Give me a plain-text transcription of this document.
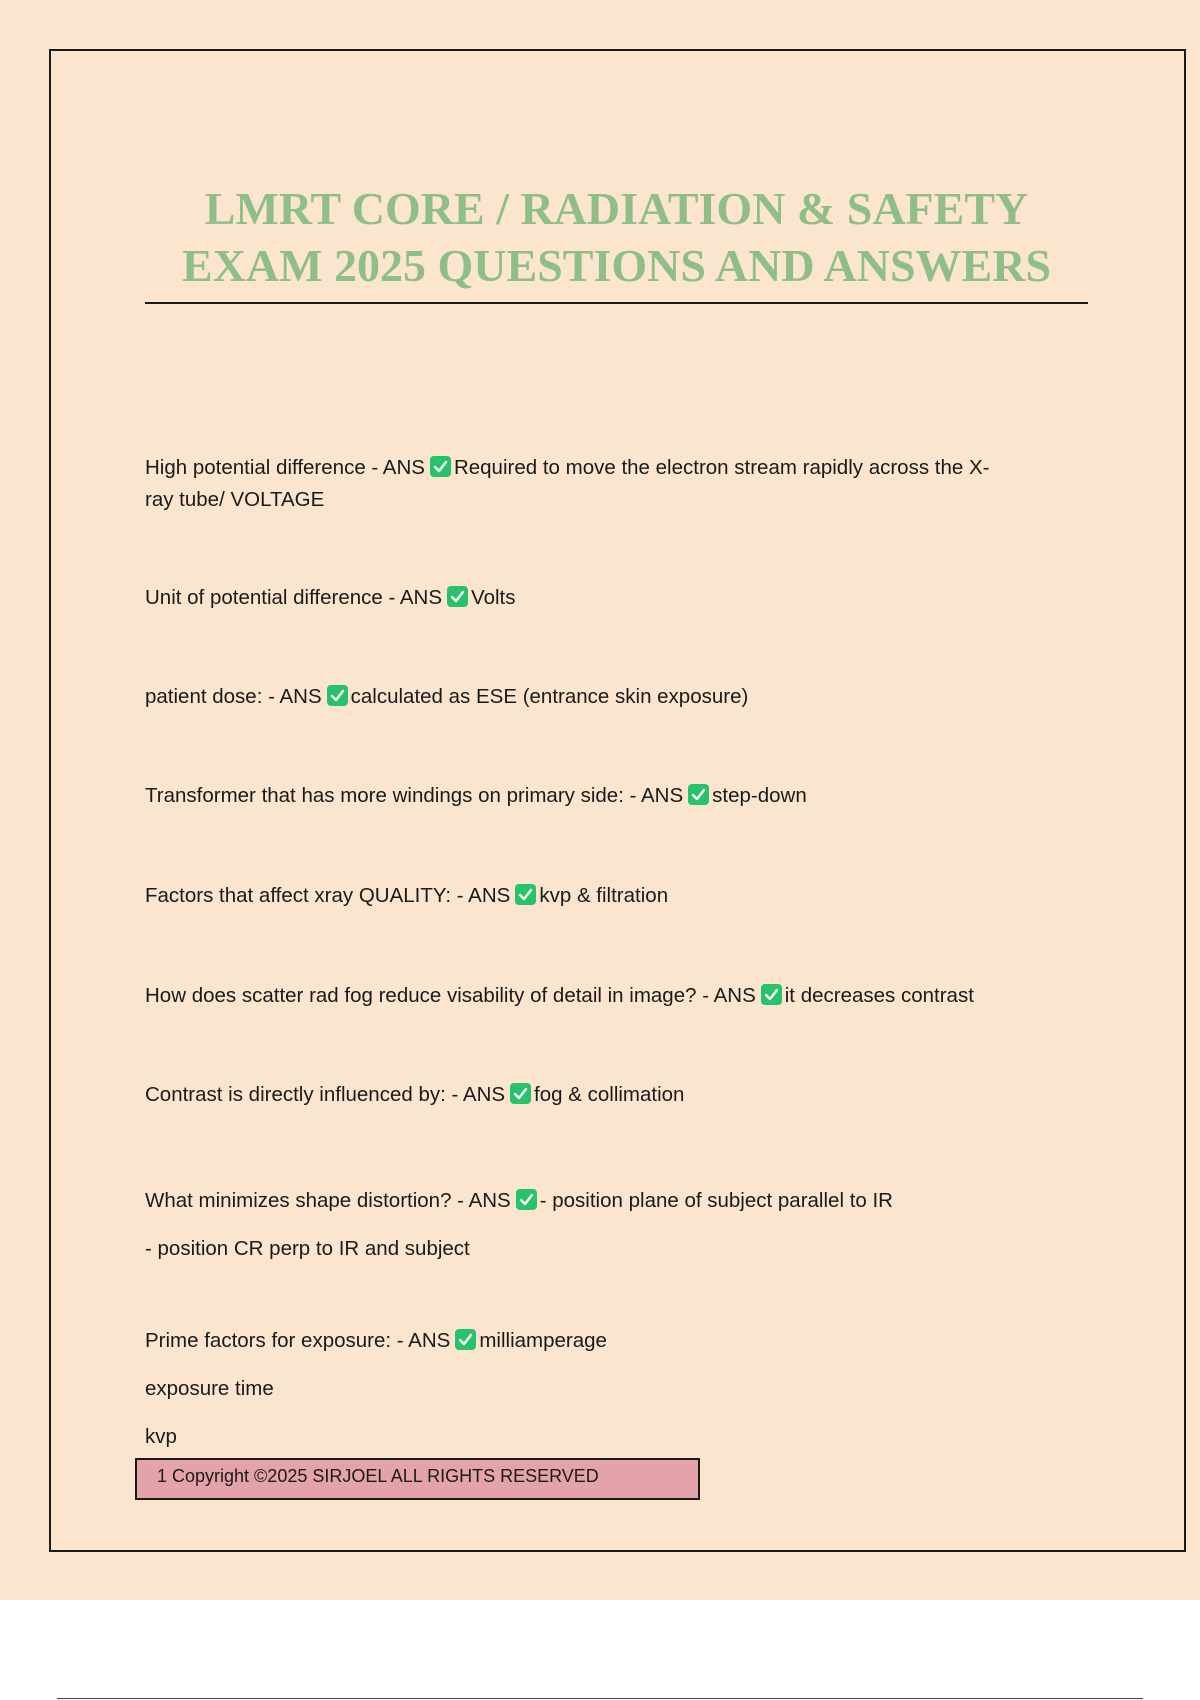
LMRT CORE / RADIATION & SAFETY
EXAM 2025 QUESTIONS AND ANSWERS
High potential difference - ANS Required to move the electron stream rapidly across the X-
ray tube/ VOLTAGE
Unit of potential difference - ANS Volts
patient dose: - ANS calculated as ESE (entrance skin exposure)
Transformer that has more windings on primary side: - ANS step-down
Factors that affect xray QUALITY: - ANS kvp & filtration
How does scatter rad fog reduce visability of detail in image? - ANS it decreases contrast
Contrast is directly influenced by: - ANS fog & collimation
What minimizes shape distortion? - ANS - position plane of subject parallel to IR
- position CR perp to IR and subject
Prime factors for exposure: - ANS milliamperage
exposure time
kvp
1 Copyright ©2025 SIRJOEL ALL RIGHTS RESERVED
